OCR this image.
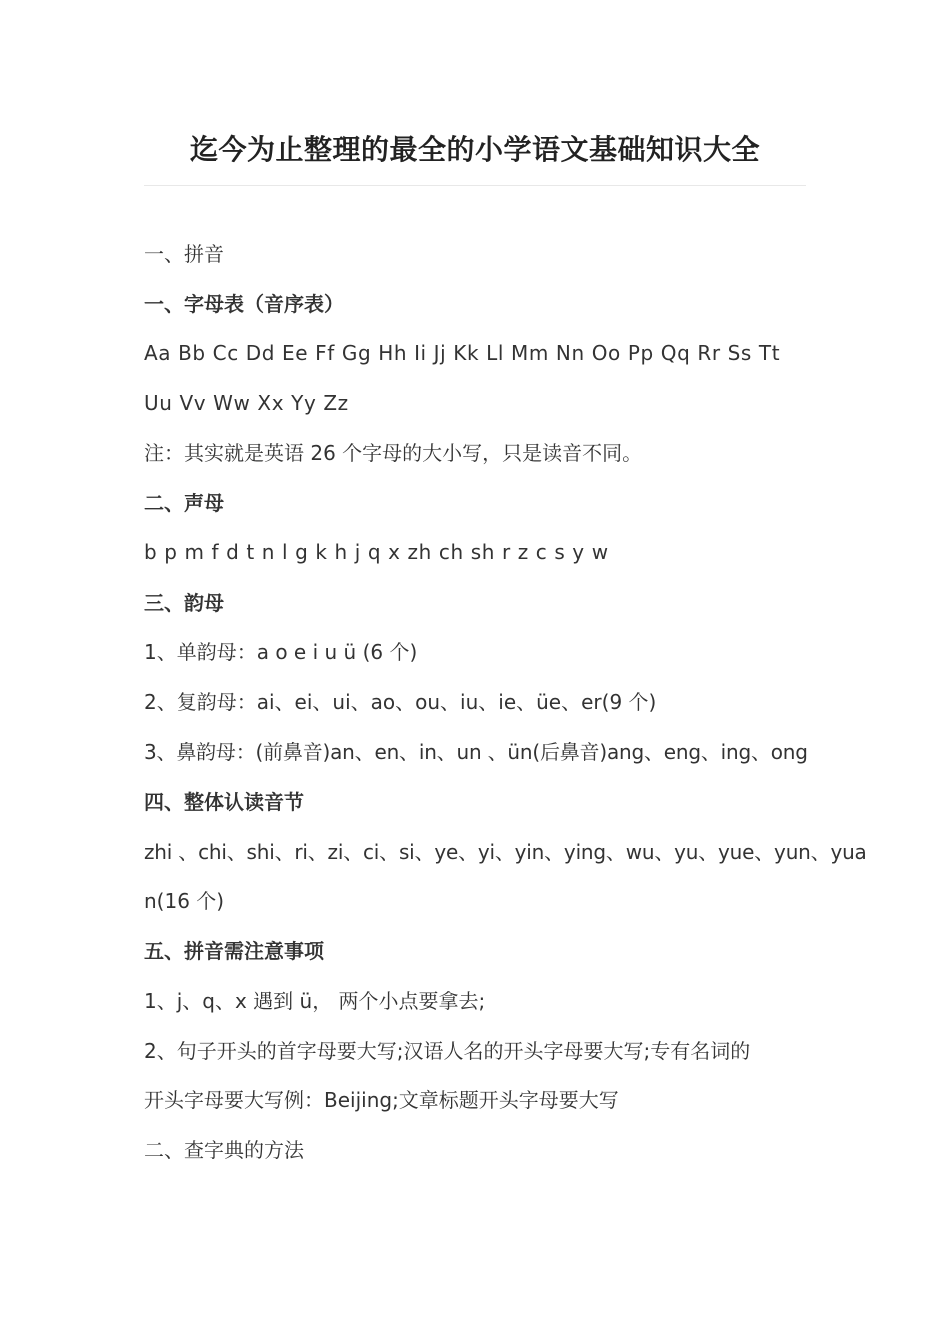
迄今为止整理的最全的小学语文基础知识大全
一、拼音
一、字母表（音序表）
Aa Bb Cc Dd Ee Ff Gg Hh Ii Jj Kk Ll Mm Nn Oo Pp Qq Rr Ss Tt
Uu Vv Ww Xx Yy Zz
注：其实就是英语 26 个字母的大小写，只是读音不同。
二、声母
b p m f d t n l g k h j q x zh ch sh r z c s y w
三、韵母
1、单韵母：a o e i u ü (6 个)
2、复韵母：ai、ei、ui、ao、ou、iu、ie、üe、er(9 个)
3、鼻韵母：(前鼻音)an、en、in、un 、ün(后鼻音)ang、eng、ing、ong
四、整体认读音节
zhi 、chi、shi、ri、zi、ci、si、ye、yi、yin、ying、wu、yu、yue、yun、yua
n(16 个)
五、拼音需注意事项
1、j、q、x 遇到 ü， 两个小点要拿去;
2、句子开头的首字母要大写;汉语人名的开头字母要大写;专有名词的
开头字母要大写例：Beijing;文章标题开头字母要大写
二、查字典的方法
